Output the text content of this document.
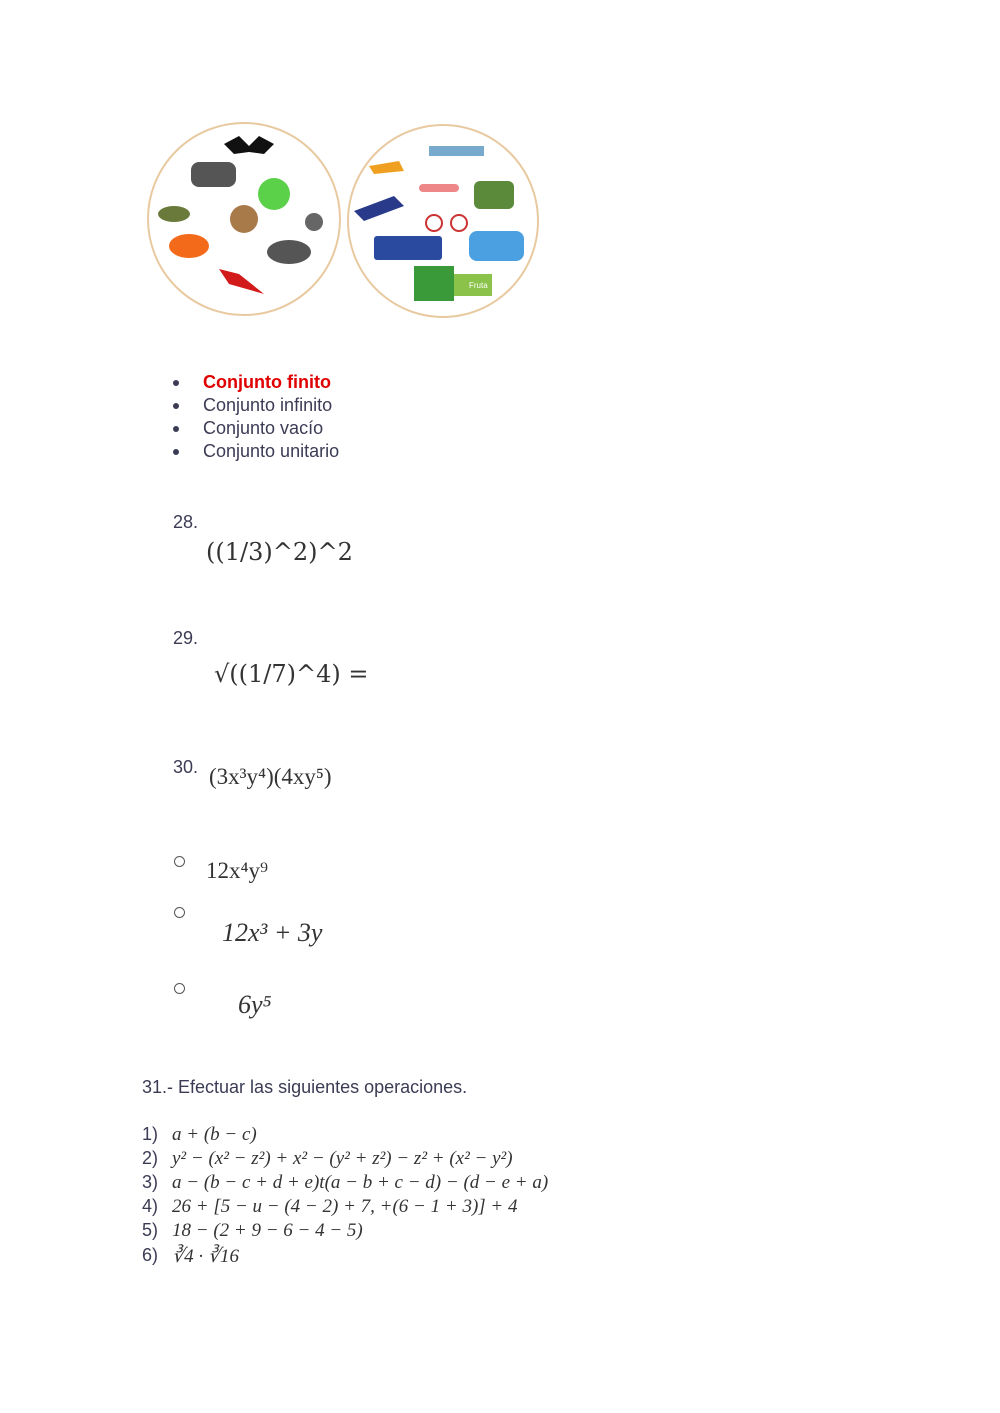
Fruta
Conjunto finito
Conjunto infinito
Conjunto vacío
Conjunto unitario
28.
((1/3)^2)^2
29.
√((1/7)^4) =
30. (3x³y⁴)(4xy⁵)
12x⁴y⁹
12x³ + 3y
6y⁵
31.- Efectuar las siguientes operaciones.
1) a + (b − c)
2) y² − (x² − z²) + x² − (y² + z²) − z² + (x² − y²)
3) a − (b − c + d + e)t(a − b + c − d) − (d − e + a)
4) 26 + [5 − u − (4 − 2) + 7, +(6 − 1 + 3)] + 4
5) 18 − (2 + 9 − 6 − 4 − 5)
6) ∛4 · ∛16
